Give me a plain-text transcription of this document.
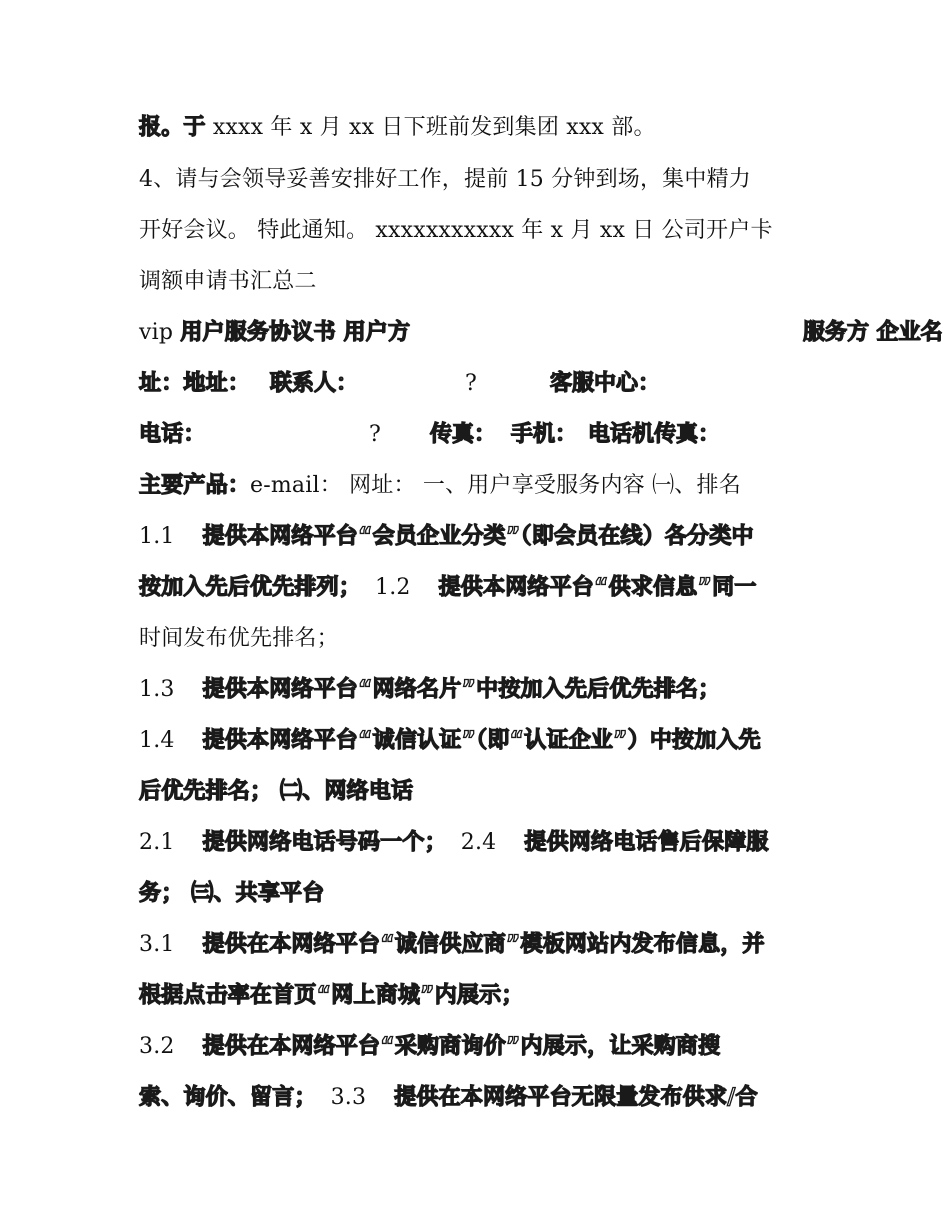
报。于 xxxx 年 x 月 xx 日下班前发到集团 xxx 部。
4、请与会领导妥善安排好工作，提前 15 分钟到场，集中精力
开好会议。 特此通知。 xxxxxxxxxxx 年 x 月 xx 日 公司开户卡
调额申请书汇总二
vip 用户服务协议书 用户方	服务方 企业名
址：地址： 联系人：	?	客服中心：
电话：	? 传真： 手机： 电话机传真：
主要产品：e-mail： 网址： 一、用户享受服务内容 ㈠、排名
1.1 提供本网络平台“会员企业分类”（即会员在线）各分类中
按加入先后优先排列； 1.2 提供本网络平台“供求信息”同一
时间发布优先排名；
1.3 提供本网络平台“网络名片”中按加入先后优先排名；
1.4 提供本网络平台“诚信认证”（即“认证企业”）中按加入先
后优先排名； ㈡、网络电话
2.1 提供网络电话号码一个； 2.4 提供网络电话售后保障服
务； ㈢、共享平台
3.1 提供在本网络平台“诚信供应商”模板网站内发布信息，并
根据点击率在首页“网上商城”内展示；
3.2 提供在本网络平台“采购商询价”内展示，让采购商搜
索、询价、留言； 3.3 提供在本网络平台无限量发布供求/合
